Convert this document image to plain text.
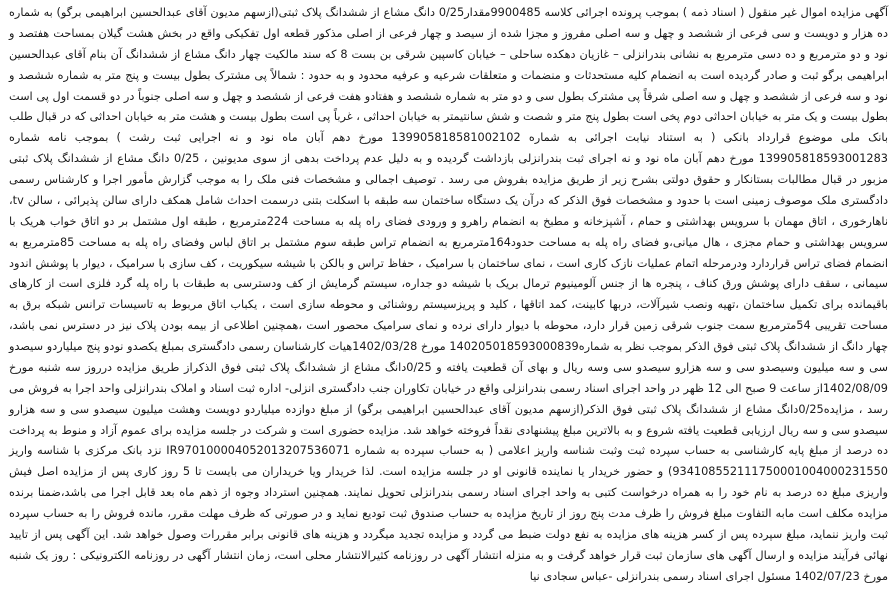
آگهی مزایده اموال غیر منقول ( اسناد ذمه ) بموجب پرونده اجرائی کلاسه 9900485مقدار0/25 دانگ مشاع از ششدانگ پلاک ثبتی(ازسهم مدیون آقای عبدالحسین ابراهیمی برگو) به شماره ده هزار و دویست و سی فرعی از ششصد و چهل و سه اصلی مفروز و مجزا شده از سیصد و چهار فرعی از اصلی مذکور قطعه اول تفکیکی واقع در بخش هشت گیلان بمساحت هفتصد و نود و دو مترمربع و ده دسی مترمربع به نشانی بندرانزلی – غازیان دهکده ساحلی – خیابان کاسپین شرقی بن بست 8 که سند مالکیت چهار دانگ مشاع از ششدانگ آن بنام آقای عبدالحسین ابراهیمی برگو ثبت و صادر گردیده است به انضمام کلیه مستحدثات و منضمات و متعلقات شرعیه و عرفیه محدود و به حدود : شمالاً پی مشترک بطول بیست و پنج متر به شماره ششصد و نود و سه فرعی از ششصد و چهل و سه اصلی شرقاً پی مشترک بطول سی و دو متر به شماره ششصد و هفتادو هفت فرعی از ششصد و چهل و سه اصلی جنوباً در دو قسمت اول پی است بطول بیست و یک متر به خیابان احداثی دوم پخی است بطول پنج متر و شصت و شش سانتیمتر به خیابان احداثی ، غرباً پی است بطول بیست و هشت متر به خیابان احداثی که در قبال طلب بانک ملی موضوع قرارداد بانکی ( به استناد نیابت اجرائی به شماره 139905818581002102 مورخ دهم آبان ماه نود و نه اجرایی ثبت رشت ) بموجب نامه شماره 139905818593001283 مورخ دهم آبان ماه نود و نه اجرای ثبت بندرانزلی بازداشت گردیده و به دلیل عدم پرداخت بدهی از سوی مدیونین ، 0/25 دانگ مشاع از ششدانگ پلاک ثبتی مزبور در قبال مطالبات بستانکار و حقوق دولتی بشرح زیر از طریق مزایده بفروش می رسد . توصیف اجمالی و مشخصات فنی ملک را به موجب گزارش مأمور اجرا و کارشناس رسمی دادگستری ملک موصوف زمینی است با حدود و مشخصات فوق الذکر که درآن یک دستگاه ساختمان سه طبقه با اسکلت بتنی درسمت احداث شامل همکف دارای سالن پذیرائی ، سالن tv، ناهارخوری ، اتاق مهمان با سرویس بهداشتی و حمام ، آشپزخانه و مطبخ به انضمام راهرو و ورودی فضای راه پله به مساحت 224مترمربع ، طبقه اول مشتمل بر دو اتاق خواب هریک با سرویس بهداشتی و حمام مجزی ، هال میانی،و فضای راه پله به مساحت حدود164مترمربع به انضمام تراس طبقه سوم مشتمل بر اتاق لباس وفضای راه پله به مساحت 85مترمربع به انضمام فضای تراس قراردارد ودرمرحله اتمام عملیات نازک کاری است ، نمای ساختمان با سرامیک ، حفاظ تراس و بالکن با شیشه سیکوریت ، کف سازی با سرامیک ، دیوار با پوشش اندود سیمانی ، سقف دارای پوشش ورق کناف ، پنجره ها از جنس آلومینیوم ترمال بریک با شیشه دو جداره، سیستم گرمایش از کف ودسترسی به طبقات با راه پله گرد فلزی است از کارهای باقیمانده برای تکمیل ساختمان ،تهیه ونصب شیرآلات، دربها کابینت، کمد اتاقها ، کلید و پریزسیستم روشنائی و محوطه سازی است ، یکباب اتاق مربوط به تاسیسات ترانس شبکه برق به مساحت تقریبی 54مترمربع سمت جنوب شرقی زمین قرار دارد، محوطه با دیوار دارای نرده و نمای سرامیک محصور است ،همچنین اطلاعی از بیمه بودن پلاک نیز در دسترس نمی باشد، چهار دانگ از ششدانگ پلاک ثبتی فوق الذکر بموجب نظر به شماره140205018593000839 مورخ 1402/03/28هیات کارشناسان رسمی دادگستری بمبلغ یکصدو نودو پنج میلیاردو سیصدو سی و سه میلیون وسیصدو سی و سه هزارو سیصدو سی وسه ریال و بهای آن قطعیت یافته و 0/25دانگ مشاع از ششدانگ پلاک ثبتی فوق الذکراز طریق مزایده درروز سه شنبه مورخ 1402/08/09از ساعت 9 صبح الی 12 ظهر در واحد اجرای اسناد رسمی بندرانزلی واقع در خیابان تکاوران جنب دادگستری انزلی- اداره ثبت اسناد و املاک بندرانزلی واحد اجرا به فروش می رسد ، مزایده0/25دانگ مشاع از ششدانگ پلاک ثبتی فوق الذکر(ازسهم مدیون آقای عبدالحسین ابراهیمی برگو) از مبلغ دوازده میلیاردو دویست وهشت میلیون سیصدو سی و سه هزارو سیصدو سی و سه ریال ارزیابی قطعیت یافته شروع و به بالاترین مبلغ پیشنهادی نقداً فروخته خواهد شد. مزایده حضوری است و شرکت در جلسه مزایده برای عموم آزاد و منوط به پرداخت ده درصد از مبلغ پایه کارشناسی به حساب سپرده ثبت وثبت شناسه واریز اعلامی ( به حساب سپرده به شماره IR970100004052013207536071 نزد بانک مرکزی با شناسه واریز 934108552111750001004000231550) و حضور خریدار یا نماینده قانونی او در جلسه مزایده است. لذا خریدار ویا خریداران می بایست تا 5 روز کاری پس از مزایده اصل فیش واریزی مبلغ ده درصد به نام خود را به همراه درخواست کتبی به واحد اجرای اسناد رسمی بندرانزلی تحویل نمایند. همچنین استرداد وجوه از ذهم ماه بعد قابل اجرا می باشد،ضمنا برنده مزایده مکلف است مابه التفاوت مبلغ فروش را ظرف مدت پنج روز از تاریخ مزایده به حساب صندوق ثبت تودیع نماید و در صورتی که ظرف مهلت مقرر، مانده فروش را به حساب سپرده ثبت واریز ننماید، مبلغ سپرده پس از کسر هزینه های مزایده به نفع دولت ضبط می گردد و مزایده تجدید میگردد و هزینه های قانونی برابر مقررات وصول خواهد شد. این آگهی پس از تایید نهائی فرآیند مزایده و ارسال آگهی های سازمان ثبت قرار خواهد گرفت و به منزله انتشار آگهی در روزنامه کثیرالانتشار محلی است، زمان انتشار آگهی در روزنامه الکترونیکی : روز یک شنبه مورخ 1402/07/23 مسئول اجرای اسناد رسمی بندرانزلی -عباس سجادی نیا
